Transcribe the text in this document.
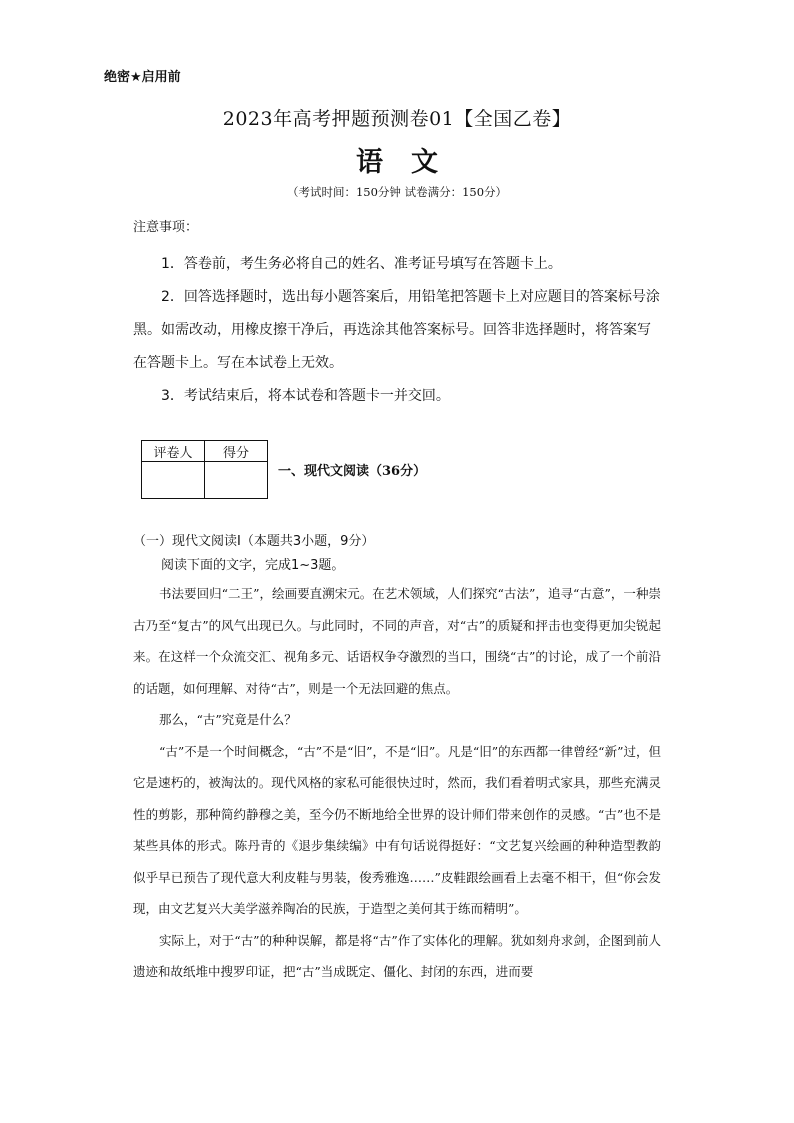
绝密★启用前
2023年高考押题预测卷01【全国乙卷】
语文
（考试时间：150分钟 试卷满分：150分）
注意事项：

1．答卷前，考生务必将自己的姓名、准考证号填写在答题卡上。

2．回答选择题时，选出每小题答案后，用铅笔把答题卡上对应题目的答案标号涂黑。如需改动，用橡皮擦干净后，再选涂其他答案标号。回答非选择题时，将答案写在答题卡上。写在本试卷上无效。

3．考试结束后，将本试卷和答题卡一并交回。

评卷人	得分

一、现代文阅读（36分）
（一）现代文阅读Ⅰ（本题共3小题，9分）
阅读下面的文字，完成1~3题。

书法要回归“二王”，绘画要直溯宋元。在艺术领域，人们探究“古法”，追寻“古意”，一种崇古乃至“复古”的风气出现已久。与此同时，不同的声音，对“古”的质疑和抨击也变得更加尖锐起来。在这样一个众流交汇、视角多元、话语权争夺激烈的当口，围绕“古”的讨论，成了一个前沿的话题，如何理解、对待“古”，则是一个无法回避的焦点。

那么，“古”究竟是什么？

“古”不是一个时间概念，“古”不是“旧”，不是“旧”。凡是“旧”的东西都一律曾经“新”过，但它是速朽的，被淘汰的。现代风格的家私可能很快过时，然而，我们看着明式家具，那些充满灵性的剪影，那种简约静穆之美，至今仍不断地给全世界的设计师们带来创作的灵感。“古”也不是某些具体的形式。陈丹青的《退步集续编》中有句话说得挺好：“文艺复兴绘画的种种造型教韵似乎早已预告了现代意大利皮鞋与男装，俊秀雅逸……”皮鞋跟绘画看上去毫不相干，但“你会发现，由文艺复兴大美学滋养陶冶的民族，于造型之美何其于练而精明”。

实际上，对于“古”的种种误解，都是将“古”作了实体化的理解。犹如刻舟求剑，企图到前人遗迹和故纸堆中搜罗印证，把“古”当成既定、僵化、封闭的东西，进而要
